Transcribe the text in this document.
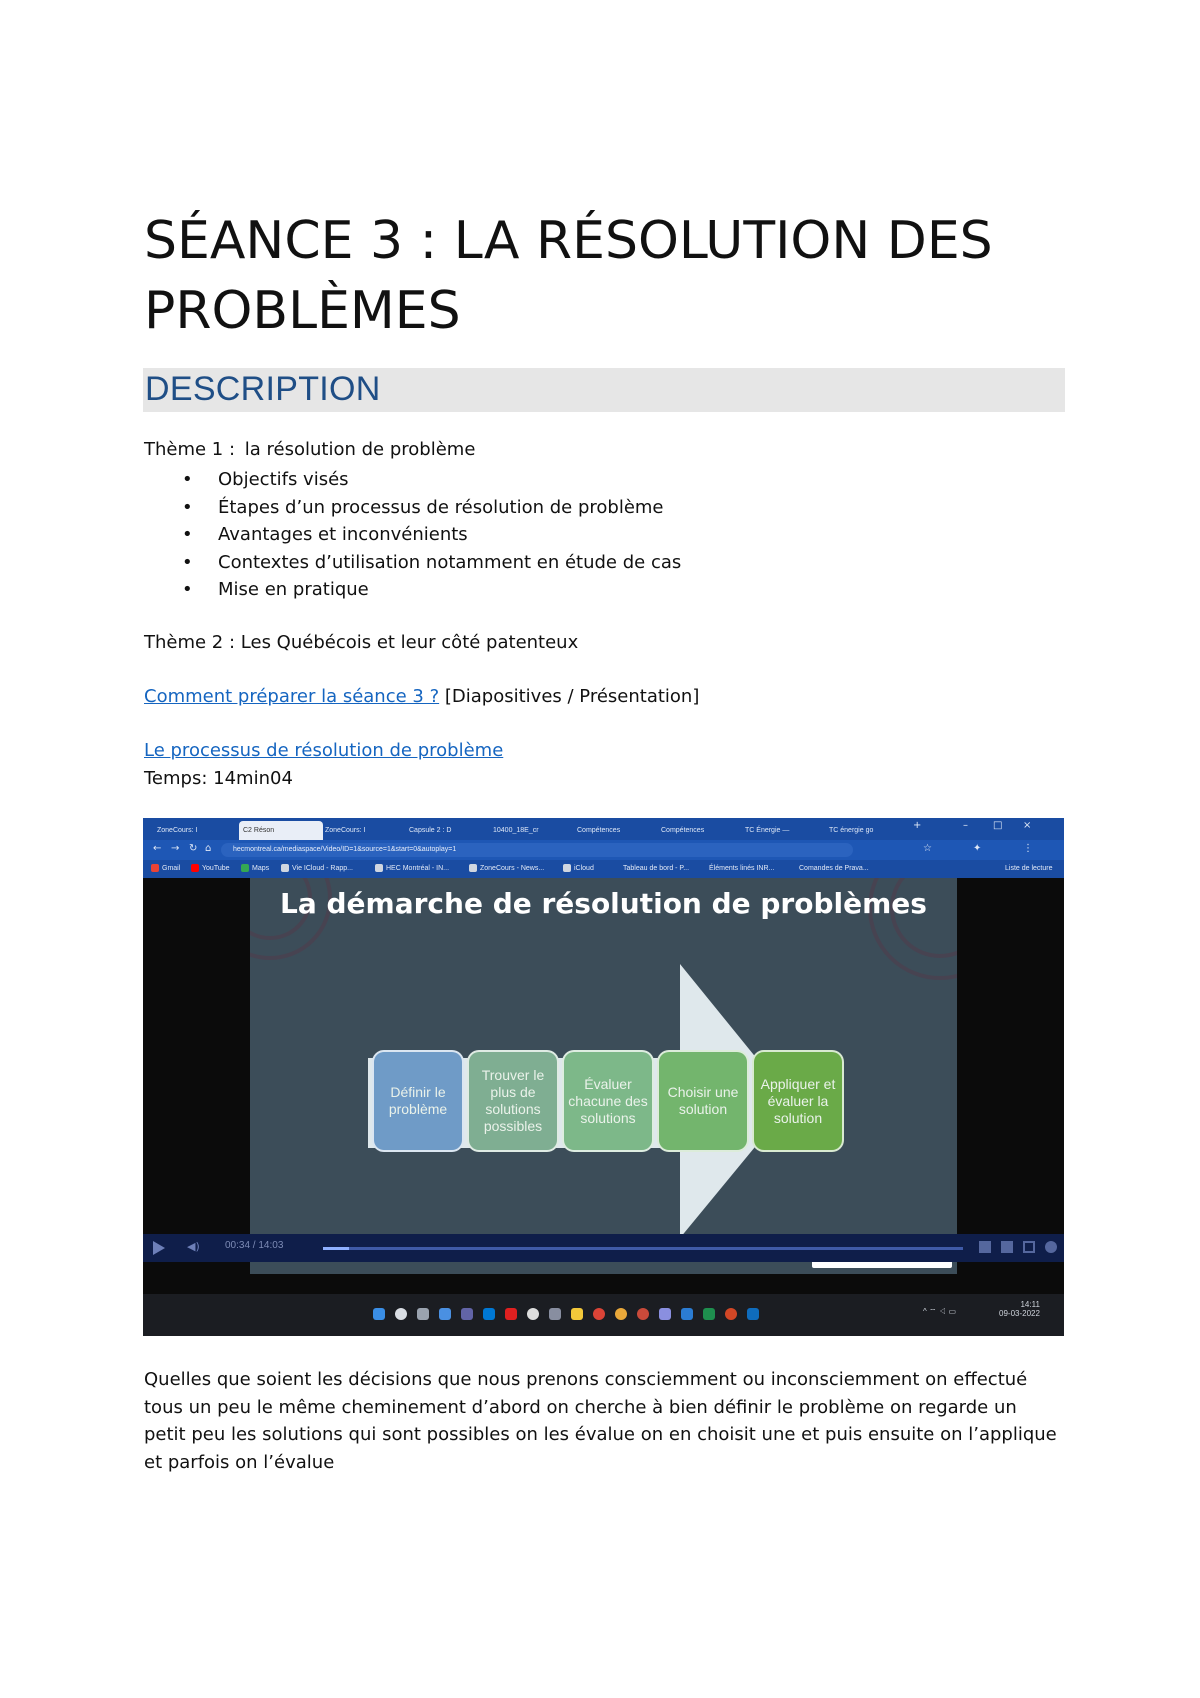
SÉANCE 3 : LA RÉSOLUTION DES PROBLÈMES
DESCRIPTION
Thème 1 : la résolution de problème
• Objectifs visés
• Étapes d’un processus de résolution de problème
• Avantages et inconvénients
• Contextes d’utilisation notamment en étude de cas
• Mise en pratique
Thème 2 : Les Québécois et leur côté patenteux
Comment préparer la séance 3 ? [Diapositives / Présentation]
Le processus de résolution de problème
Temps: 14min04
ZoneCours: I	C2 Réson	ZoneCours: I	Capsule 2 : D	10400_18E_cr	Compétences	Compétences	TC Énergie —	TC énergie go	+	–	□ ×
← → ↻ ⌂	hecmontreal.ca/mediaspace/Video/ID=1&source=1&start=0&autoplay=1	☆	✦	⋮
Gmail	YouTube	Maps	Vie ICloud - Rapp...	HEC Montréal - IN...	ZoneCours - News...	iCloud	Tableau de bord - P...	Éléments linés INR...	Comandes de Prava...	Liste de lecture
La démarche de résolution de problèmes
Définir le problème
Trouver le plus de solutions possibles
Évaluer chacune des solutions
Choisir une solution
Appliquer et évaluer la solution
◀)	00:34 / 14:03
^ ⌔ ◁ ▭
14:11
09-03-2022
Quelles que soient les décisions que nous prenons consciemment ou inconsciemment on effectué tous un peu le même cheminement d’abord on cherche à bien définir le problème on regarde un petit peu les solutions qui sont possibles on les évalue on en choisit une et puis ensuite on l’applique et parfois on l’évalue
